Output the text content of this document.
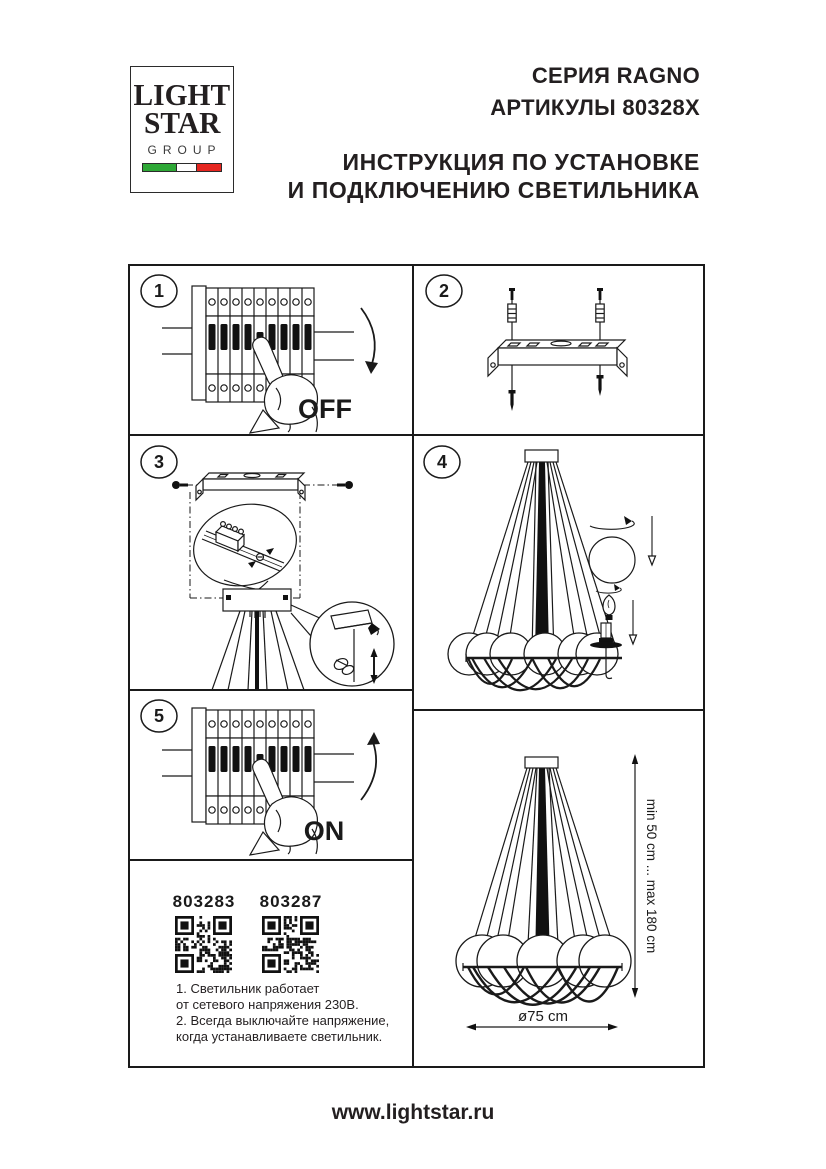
LIGHT
STAR
GROUP
СЕРИЯ RAGNO
АРТИКУЛЫ 80328X
ИНСТРУКЦИЯ ПО УСТАНОВКЕ
И ПОДКЛЮЧЕНИЮ СВЕТИЛЬНИКА
OFF
1	2
3	4
ON
5
min 50 cm ... max 180 cm
ø75 cm
803283 803287
1. Светильник работает
от сетевого напряжения 230В.
2. Всегда выключайте напряжение,
когда устанавливаете светильник.
www.lightstar.ru
